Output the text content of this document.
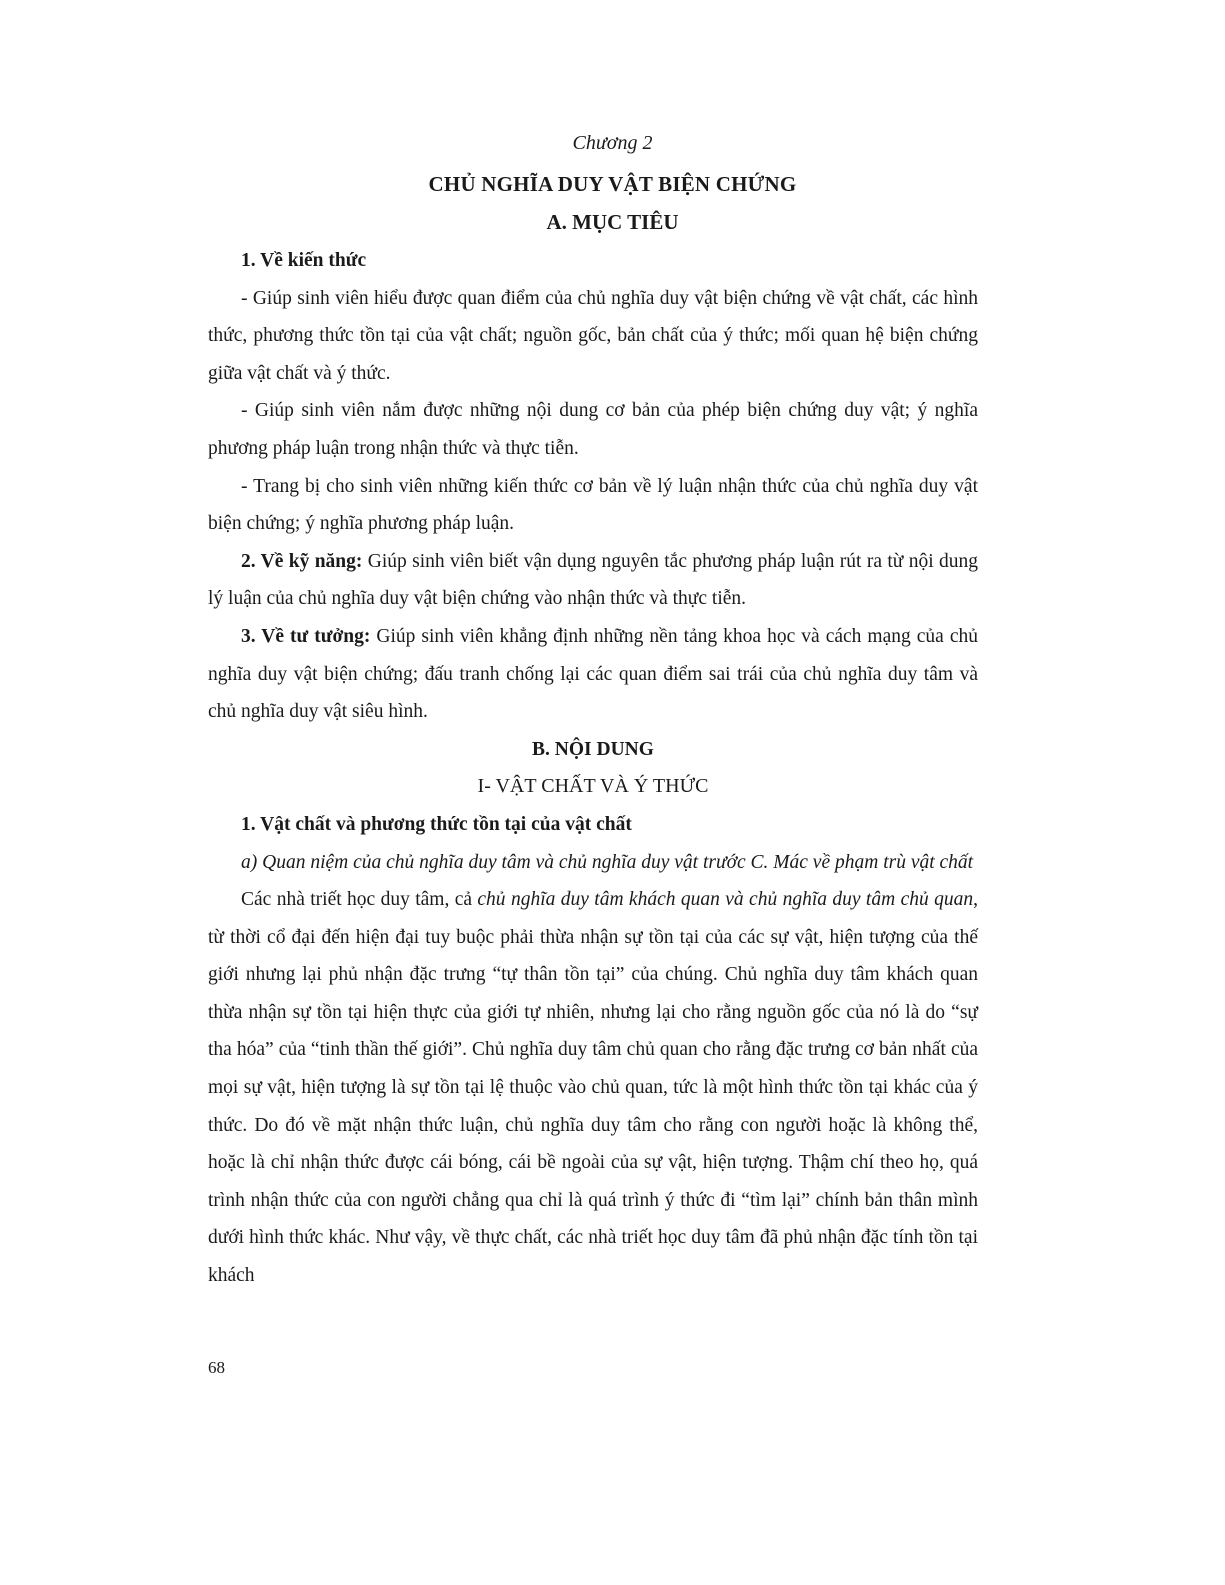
Chương 2
CHỦ NGHĨA DUY VẬT BIỆN CHỨNG
A. MỤC TIÊU

1. Về kiến thức

- Giúp sinh viên hiểu được quan điểm của chủ nghĩa duy vật biện chứng về vật chất, các hình thức, phương thức tồn tại của vật chất; nguồn gốc, bản chất của ý thức; mối quan hệ biện chứng giữa vật chất và ý thức.

- Giúp sinh viên nắm được những nội dung cơ bản của phép biện chứng duy vật; ý nghĩa phương pháp luận trong nhận thức và thực tiễn.

- Trang bị cho sinh viên những kiến thức cơ bản về lý luận nhận thức của chủ nghĩa duy vật biện chứng; ý nghĩa phương pháp luận.

2. Về kỹ năng: Giúp sinh viên biết vận dụng nguyên tắc phương pháp luận rút ra từ nội dung lý luận của chủ nghĩa duy vật biện chứng vào nhận thức và thực tiễn.

3. Về tư tưởng: Giúp sinh viên khẳng định những nền tảng khoa học và cách mạng của chủ nghĩa duy vật biện chứng; đấu tranh chống lại các quan điểm sai trái của chủ nghĩa duy tâm và chủ nghĩa duy vật siêu hình.

B. NỘI DUNG

I- VẬT CHẤT VÀ Ý THỨC

1. Vật chất và phương thức tồn tại của vật chất

a) Quan niệm của chủ nghĩa duy tâm và chủ nghĩa duy vật trước C. Mác về phạm trù vật chất

Các nhà triết học duy tâm, cả chủ nghĩa duy tâm khách quan và chủ nghĩa duy tâm chủ quan, từ thời cổ đại đến hiện đại tuy buộc phải thừa nhận sự tồn tại của các sự vật, hiện tượng của thế giới nhưng lại phủ nhận đặc trưng “tự thân tồn tại” của chúng. Chủ nghĩa duy tâm khách quan thừa nhận sự tồn tại hiện thực của giới tự nhiên, nhưng lại cho rằng nguồn gốc của nó là do “sự tha hóa” của “tinh thần thế giới”. Chủ nghĩa duy tâm chủ quan cho rằng đặc trưng cơ bản nhất của mọi sự vật, hiện tượng là sự tồn tại lệ thuộc vào chủ quan, tức là một hình thức tồn tại khác của ý thức. Do đó về mặt nhận thức luận, chủ nghĩa duy tâm cho rằng con người hoặc là không thể, hoặc là chỉ nhận thức được cái bóng, cái bề ngoài của sự vật, hiện tượng. Thậm chí theo họ, quá trình nhận thức của con người chẳng qua chỉ là quá trình ý thức đi “tìm lại” chính bản thân mình dưới hình thức khác. Như vậy, về thực chất, các nhà triết học duy tâm đã phủ nhận đặc tính tồn tại khách

68
